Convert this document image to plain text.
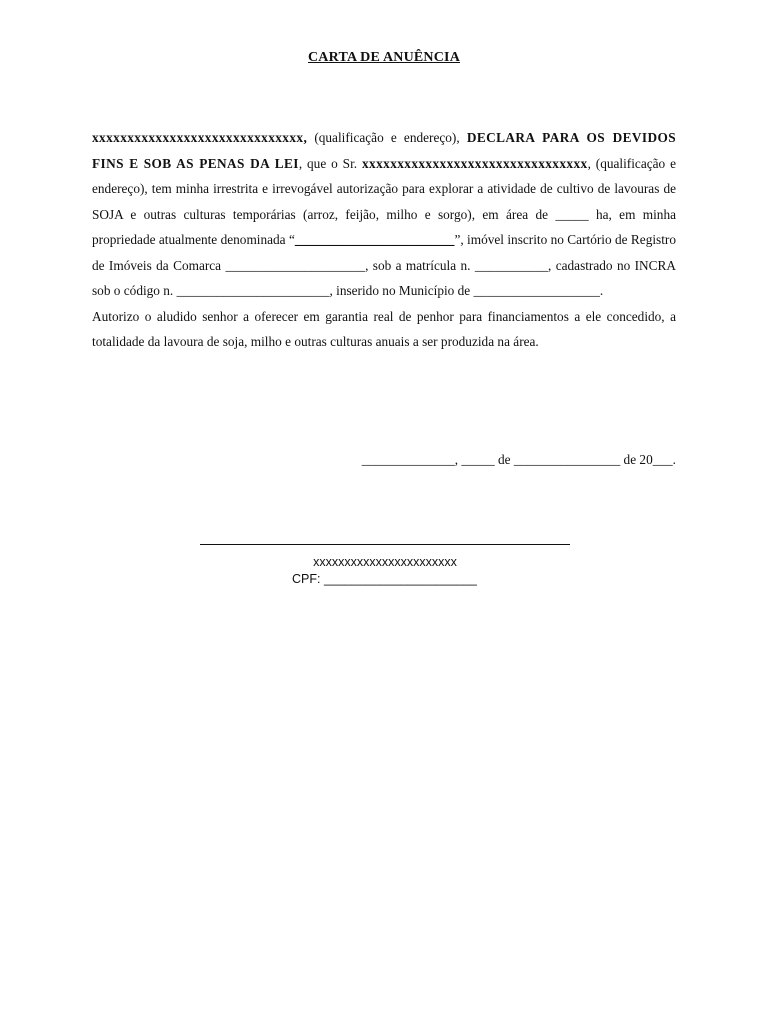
CARTA DE ANUÊNCIA

xxxxxxxxxxxxxxxxxxxxxxxxxxxxxx, (qualificação e endereço), DECLARA PARA OS DEVIDOS FINS E SOB AS PENAS DA LEI, que o Sr. xxxxxxxxxxxxxxxxxxxxxxxxxxxxxxxx, (qualificação e endereço), tem minha irrestrita e irrevogável autorização para explorar a atividade de cultivo de lavouras de SOJA e outras culturas temporárias (arroz, feijão, milho e sorgo), em área de _____ ha, em minha propriedade atualmente denominada “________________________”, imóvel inscrito no Cartório de Registro de Imóveis da Comarca _____________________, sob a matrícula n. ___________, cadastrado no INCRA sob o código n. _______________________, inserido no Município de ___________________.

Autorizo o aludido senhor a oferecer em garantia real de penhor para financiamentos a ele concedido, a totalidade da lavoura de soja, milho e outras culturas anuais a ser produzida na área.

______________, _____ de ________________ de 20___.
xxxxxxxxxxxxxxxxxxxxxxx
CPF: ______________________
